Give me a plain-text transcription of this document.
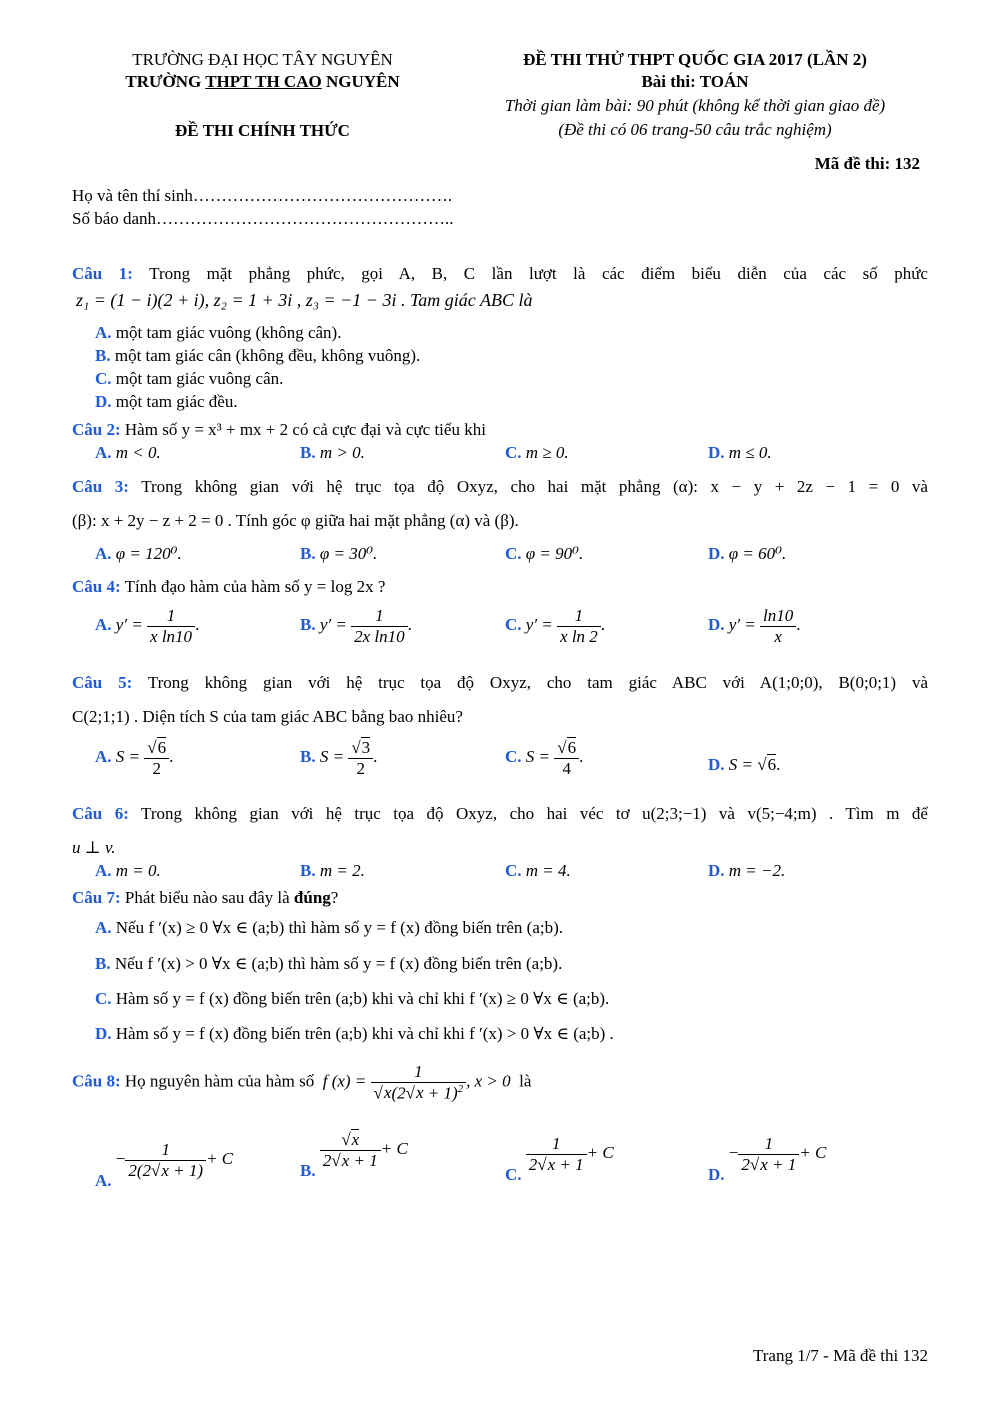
TRƯỜNG ĐẠI HỌC TÂY NGUYÊN
TRƯỜNG THPT TH CAO NGUYÊN
ĐỀ THI CHÍNH THỨC
ĐỀ THI THỬ THPT QUỐC GIA 2017 (LẦN 2)
Bài thi: TOÁN
Thời gian làm bài: 90 phút (không kể thời gian giao đề)
(Đề thi có 06 trang-50 câu trắc nghiệm)
Mã đề thi: 132
Họ và tên thí sinh……………………………………….
Số báo danh……………………………………………..
Câu 1: Trong mặt phẳng phức, gọi A, B, C lần lượt là các điểm biểu diễn của các số phức
z₁ = (1 − i)(2 + i), z₂ = 1 + 3i , z₃ = −1 − 3i . Tam giác ABC là
A. một tam giác vuông (không cân).
B. một tam giác cân (không đều, không vuông).
C. một tam giác vuông cân.
D. một tam giác đều.
Câu 2: Hàm số y = x³ + mx + 2 có cả cực đại và cực tiểu khi
A. m < 0.	B. m > 0.	C. m ≥ 0.	D. m ≤ 0.
Câu 3: Trong không gian với hệ trục tọa độ Oxyz, cho hai mặt phẳng (α): x − y + 2z − 1 = 0 và
(β): x + 2y − z + 2 = 0 . Tính góc φ giữa hai mặt phẳng (α) và (β).
A. φ = 120⁰.	B. φ = 30⁰.	C. φ = 90⁰.	D. φ = 60⁰.
Câu 4: Tính đạo hàm của hàm số y = log 2x ?
A. $y' = \frac{1}{\text{x ln10}}$ .	B. $y' = \frac{1}{\text{2x ln10}}$ .	C. $y' = \frac{1}{\text{x ln 2}}$ .	D. $y' = \frac{\ln 10}{x}$ .
Câu 5: Trong không gian với hệ trục tọa độ Oxyz, cho tam giác ABC với A(1;0;0), B(0;0;1) và
C(2;1;1) . Diện tích S của tam giác ABC bằng bao nhiêu?
A. $S = \frac{√6}{2}$ .	B. $S = \frac{√3}{2}$ .	C. $S = \frac{√6}{4}$ .	D. S = √6.
Câu 6: Trong không gian với hệ trục tọa độ Oxyz, cho hai véc tơ u(2;3;−1) và v(5;−4;m) . Tìm m để
u ⊥ v.
A. m = 0.	B. m = 2.	C. m = 4.	D. m = −2.
Câu 7: Phát biểu nào sau đây là đúng?
A. Nếu f ′(x) ≥ 0 ∀x ∈ (a;b) thì hàm số y = f (x) đồng biến trên (a;b).
B. Nếu f ′(x) > 0 ∀x ∈ (a;b) thì hàm số y = f (x) đồng biến trên (a;b).
C. Hàm số y = f (x) đồng biến trên (a;b) khi và chỉ khi f ′(x) ≥ 0 ∀x ∈ (a;b).
D. Hàm số y = f (x) đồng biến trên (a;b) khi và chỉ khi f ′(x) > 0 ∀x ∈ (a;b) .
Câu 8: Họ nguyên hàm của hàm số f $(x) = \frac{1}{√x(2√x + 1)^2}$ , x > 0 là
A. − $\frac{1}{2(2√x + 1)} + C$
B.
$\frac{√x}{2√x + 1} + C$
C.
$\frac{1}{2√x + 1} + C$
D. − $\frac{1}{2√x + 1} + C$
Trang 1/7 - Mã đề thi 132
